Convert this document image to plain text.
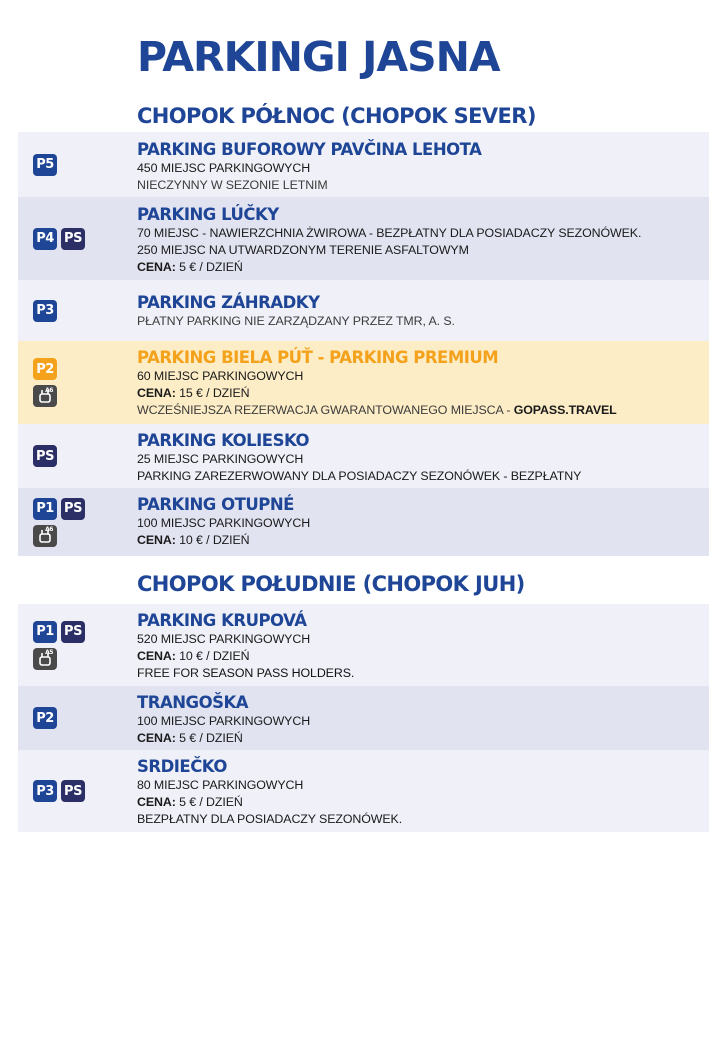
PARKINGI JASNA
CHOPOK PÓŁNOC (CHOPOK SEVER)
P5
PARKING BUFOROWY PAVČINA LEHOTA
450 MIEJSC PARKINGOWYCH
NIECZYNNY W SEZONIE LETNIM
P4 PS
PARKING LÚČKY
70 MIEJSC - NAWIERZCHNIA ŻWIROWA - BEZPŁATNY DLA POSIADACZY SEZONÓWEK.
250 MIEJSC NA UTWARDZONYM TERENIE ASFALTOWYM
CENA: 5 € / DZIEŃ
P3	PARKING ZÁHRADKY
PŁATNY PARKING NIE ZARZĄDZANY PRZEZ TMR, A. S.
P2
A6
PARKING BIELA PÚŤ - PARKING PREMIUM
60 MIEJSC PARKINGOWYCH
CENA: 15 € / DZIEŃ
WCZEŚNIEJSZA REZERWACJA GWARANTOWANEGO MIEJSCA - GOPASS.TRAVEL
PS
PARKING KOLIESKO
25 MIEJSC PARKINGOWYCH
PARKING ZAREZERWOWANY DLA POSIADACZY SEZONÓWEK - BEZPŁATNY
P1 PS
A6
PARKING OTUPNÉ
100 MIEJSC PARKINGOWYCH
CENA: 10 € / DZIEŃ
CHOPOK POŁUDNIE (CHOPOK JUH)
P1 PS
A5
PARKING KRUPOVÁ
520 MIEJSC PARKINGOWYCH
CENA: 10 € / DZIEŃ
FREE FOR SEASON PASS HOLDERS.
P2
TRANGOŠKA
100 MIEJSC PARKINGOWYCH
CENA: 5 € / DZIEŃ
P3 PS
SRDIEČKO
80 MIEJSC PARKINGOWYCH
CENA: 5 € / DZIEŃ
BEZPŁATNY DLA POSIADACZY SEZONÓWEK.
